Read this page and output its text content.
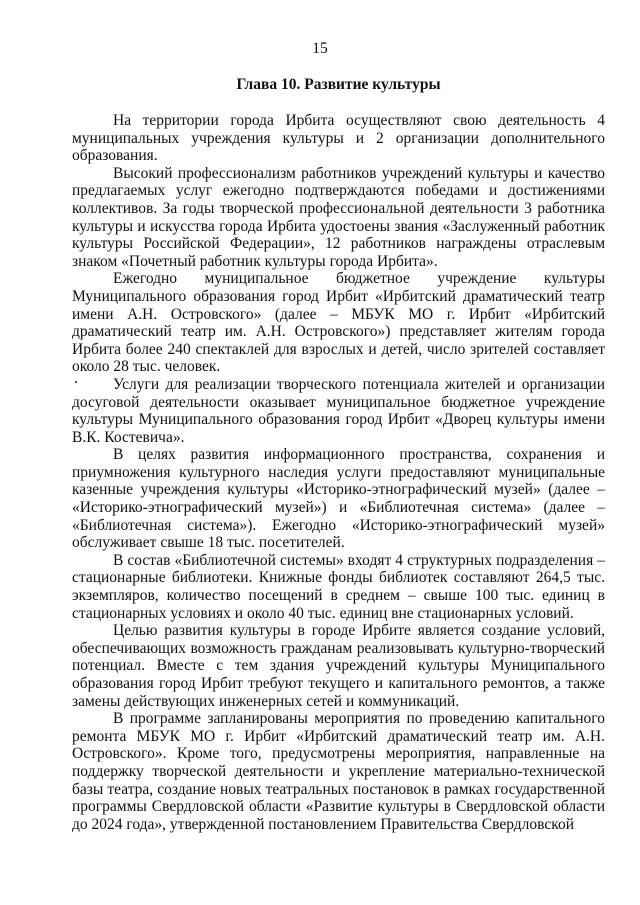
15
Глава 10. Развитие культуры

На территории города Ирбита осуществляют свою деятельность 4 муниципальных учреждения культуры и 2 организации дополнительного образования.

Высокий профессионализм работников учреждений культуры и качество предлагаемых услуг ежегодно подтверждаются победами и достижениями коллективов. За годы творческой профессиональной деятельности 3 работника культуры и искусства города Ирбита удостоены звания «Заслуженный работник культуры Российской Федерации», 12 работников награждены отраслевым знаком «Почетный работник культуры города Ирбита».

Ежегодно муниципальное бюджетное учреждение культуры Муниципального образования город Ирбит «Ирбитский драматический театр имени А.Н. Островского» (далее – МБУК МО г. Ирбит «Ирбитский драматический театр им. А.Н. Островского») представляет жителям города Ирбита более 240 спектаклей для взрослых и детей, число зрителей составляет около 28 тыс. человек.

Услуги для реализации творческого потенциала жителей и организации досуговой деятельности оказывает муниципальное бюджетное учреждение культуры Муниципального образования город Ирбит «Дворец культуры имени В.К. Костевича».

В целях развития информационного пространства, сохранения и приумножения культурного наследия услуги предоставляют муниципальные казенные учреждения культуры «Историко-этнографический музей» (далее – «Историко-этнографический музей») и «Библиотечная система» (далее – «Библиотечная система»). Ежегодно «Историко-этнографический музей» обслуживает свыше 18 тыс. посетителей.

В состав «Библиотечной системы» входят 4 структурных подразделения – стационарные библиотеки. Книжные фонды библиотек составляют 264,5 тыс. экземпляров, количество посещений в среднем – свыше 100 тыс. единиц в стационарных условиях и около 40 тыс. единиц вне стационарных условий.

Целью развития культуры в городе Ирбите является создание условий, обеспечивающих возможность гражданам реализовывать культурно-творческий потенциал. Вместе с тем здания учреждений культуры Муниципального образования город Ирбит требуют текущего и капитального ремонтов, а также замены действующих инженерных сетей и коммуникаций.

В программе запланированы мероприятия по проведению капитального ремонта МБУК МО г. Ирбит «Ирбитский драматический театр им. А.Н. Островского». Кроме того, предусмотрены мероприятия, направленные на поддержку творческой деятельности и укрепление материально-технической базы театра, создание новых театральных постановок в рамках государственной программы Свердловской области «Развитие культуры в Свердловской области до 2024 года», утвержденной постановлением Правительства Свердловской
